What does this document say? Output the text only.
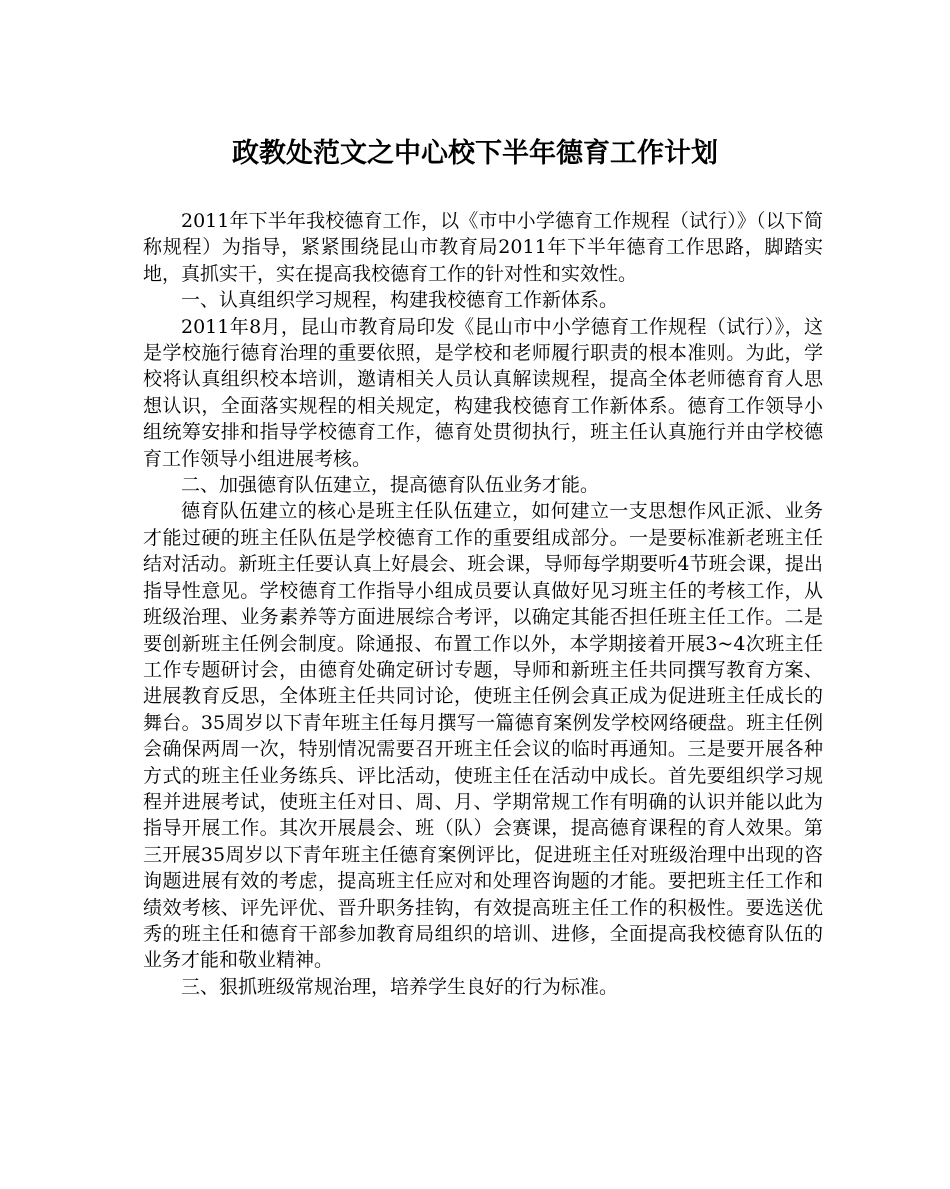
政教处范文之中心校下半年德育工作计划

2011年下半年我校德育工作，以《市中小学德育工作规程（试行）》（以下简称规程）为指导，紧紧围绕昆山市教育局2011年下半年德育工作思路，脚踏实地，真抓实干，实在提高我校德育工作的针对性和实效性。

一、认真组织学习规程，构建我校德育工作新体系。

2011年8月，昆山市教育局印发《昆山市中小学德育工作规程（试行）》，这是学校施行德育治理的重要依照，是学校和老师履行职责的根本准则。为此，学校将认真组织校本培训，邀请相关人员认真解读规程，提高全体老师德育育人思想认识，全面落实规程的相关规定，构建我校德育工作新体系。德育工作领导小组统筹安排和指导学校德育工作，德育处贯彻执行，班主任认真施行并由学校德育工作领导小组进展考核。

二、加强德育队伍建立，提高德育队伍业务才能。

德育队伍建立的核心是班主任队伍建立，如何建立一支思想作风正派、业务才能过硬的班主任队伍是学校德育工作的重要组成部分。一是要标准新老班主任结对活动。新班主任要认真上好晨会、班会课，导师每学期要听4节班会课，提出指导性意见。学校德育工作指导小组成员要认真做好见习班主任的考核工作，从班级治理、业务素养等方面进展综合考评，以确定其能否担任班主任工作。二是要创新班主任例会制度。除通报、布置工作以外，本学期接着开展3~4次班主任工作专题研讨会，由德育处确定研讨专题，导师和新班主任共同撰写教育方案、进展教育反思，全体班主任共同讨论，使班主任例会真正成为促进班主任成长的舞台。35周岁以下青年班主任每月撰写一篇德育案例发学校网络硬盘。班主任例会确保两周一次，特别情况需要召开班主任会议的临时再通知。三是要开展各种方式的班主任业务练兵、评比活动，使班主任在活动中成长。首先要组织学习规程并进展考试，使班主任对日、周、月、学期常规工作有明确的认识并能以此为指导开展工作。其次开展晨会、班（队）会赛课，提高德育课程的育人效果。第三开展35周岁以下青年班主任德育案例评比，促进班主任对班级治理中出现的咨询题进展有效的考虑，提高班主任应对和处理咨询题的才能。要把班主任工作和绩效考核、评先评优、晋升职务挂钩，有效提高班主任工作的积极性。要选送优秀的班主任和德育干部参加教育局组织的培训、进修，全面提高我校德育队伍的业务才能和敬业精神。

三、狠抓班级常规治理，培养学生良好的行为标准。
